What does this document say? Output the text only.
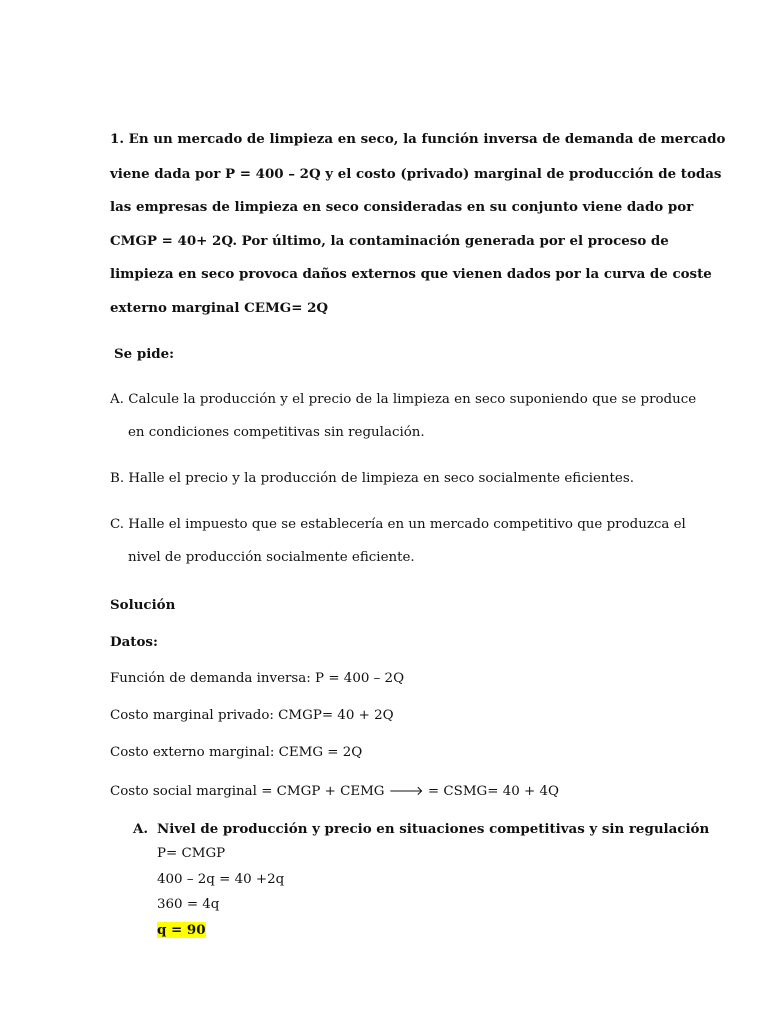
1. En un mercado de limpieza en seco, la función inversa de demanda de mercado
viene dada por P = 400 – 2Q y el costo (privado) marginal de producción de todas
las empresas de limpieza en seco consideradas en su conjunto viene dado por
CMGP = 40+ 2Q. Por último, la contaminación generada por el proceso de
limpieza en seco provoca daños externos que vienen dados por la curva de coste
externo marginal CEMG= 2Q
Se pide:
A. Calcule la producción y el precio de la limpieza en seco suponiendo que se produce
en condiciones competitivas sin regulación.
B. Halle el precio y la producción de limpieza en seco socialmente eficientes.
C. Halle el impuesto que se establecería en un mercado competitivo que produzca el
nivel de producción socialmente eficiente.
Solución
Datos:
Función de demanda inversa: P = 400 – 2Q
Costo marginal privado: CMGP= 40 + 2Q
Costo externo marginal: CEMG = 2Q
Costo social marginal = CMGP + CEMG 🡒 = CSMG= 40 + 4Q
A. Nivel de producción y precio en situaciones competitivas y sin regulación
P= CMGP
400 – 2q = 40 +2q
360 = 4q
q = 90
